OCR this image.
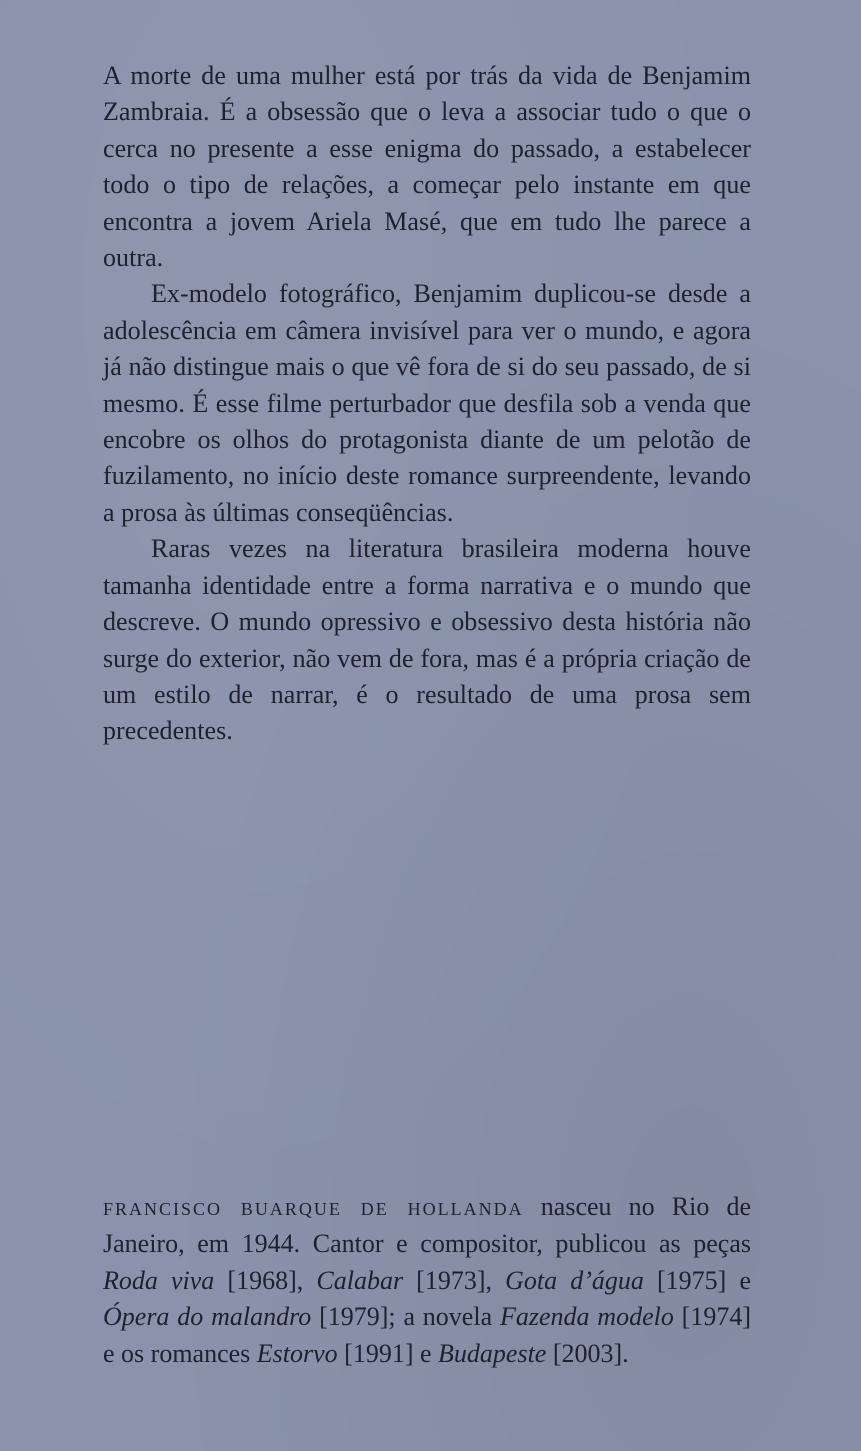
A morte de uma mulher está por trás da vida de Benjamim Zambraia. É a obsessão que o leva a associar tudo o que o cerca no presente a esse enigma do passado, a estabelecer todo o tipo de relações, a começar pelo instante em que encontra a jovem Ariela Masé, que em tudo lhe parece a outra.

Ex-modelo fotográfico, Benjamim duplicou-se desde a adolescência em câmera invisível para ver o mundo, e agora já não distingue mais o que vê fora de si do seu passado, de si mesmo. É esse filme perturbador que desfila sob a venda que encobre os olhos do protagonista diante de um pelotão de fuzilamento, no início deste romance surpreendente, levando a prosa às últimas conseqüências.

Raras vezes na literatura brasileira moderna houve tamanha identidade entre a forma narrativa e o mundo que descreve. O mundo opressivo e obsessivo desta história não surge do exterior, não vem de fora, mas é a própria criação de um estilo de narrar, é o resultado de uma prosa sem precedentes.

francisco buarque de hollanda nasceu no Rio de Janeiro, em 1944. Cantor e compositor, publicou as peças Roda viva [1968], Calabar [1973], Gota d’água [1975] e Ópera do malandro [1979]; a novela Fazenda modelo [1974] e os romances Estorvo [1991] e Budapeste [2003].
